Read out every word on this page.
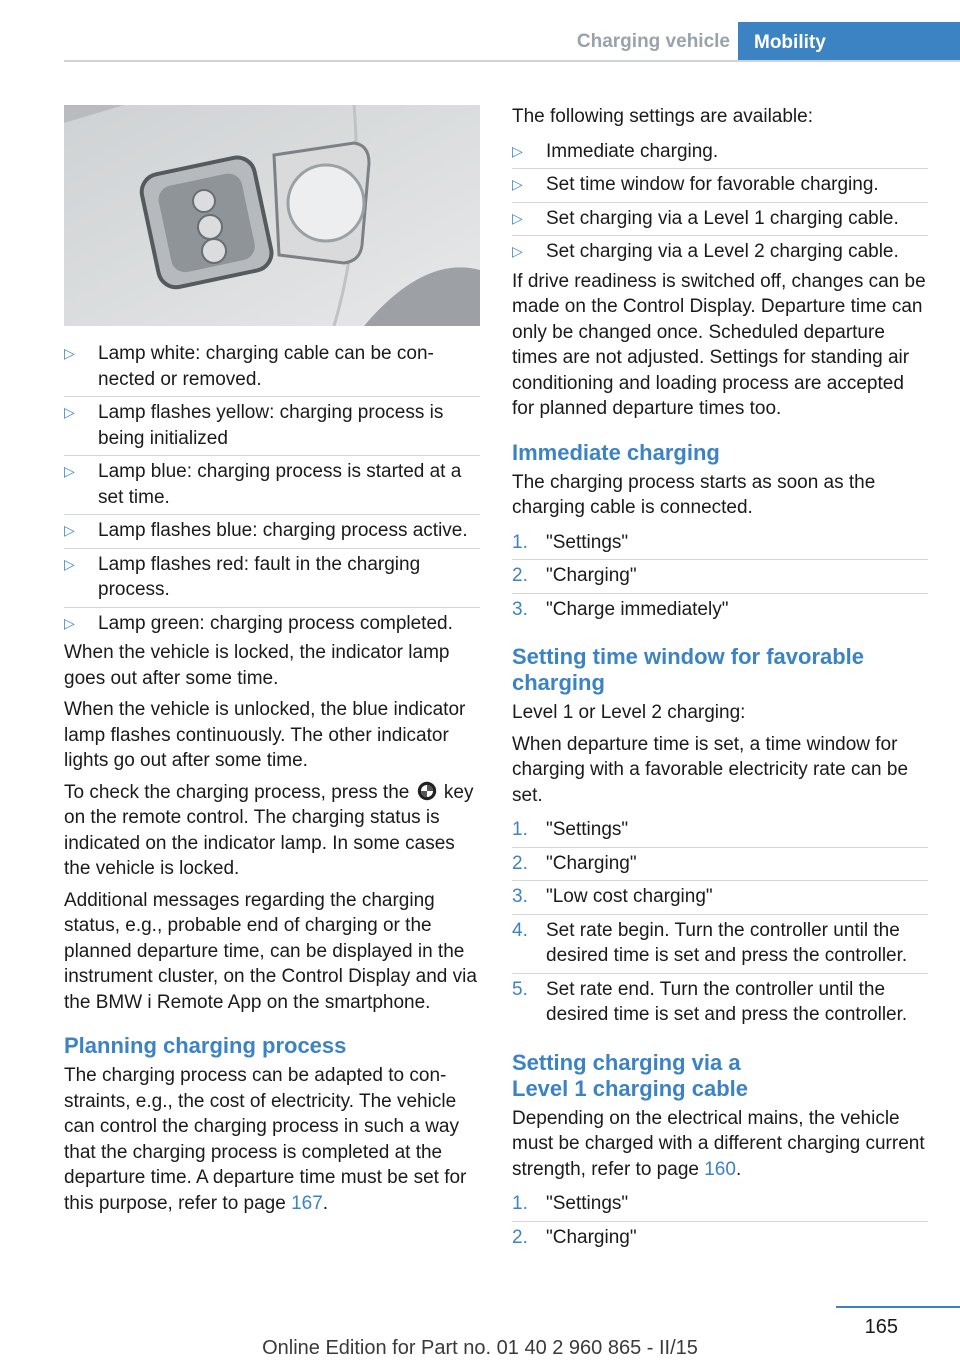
Charging vehicle	Mobility
▷ Lamp white: charging cable can be connected or removed.
▷ Lamp flashes yellow: charging process is being initialized
▷ Lamp blue: charging process is started at a set time.
▷ Lamp flashes blue: charging process active.
▷ Lamp flashes red: fault in the charging process.
▷ Lamp green: charging process completed.

When the vehicle is locked, the indicator lamp goes out after some time.

When the vehicle is unlocked, the blue indicator lamp flashes continuously. The other indicator lights go out after some time.

To check the charging process, press the key on the remote control. The charging status is indicated on the indicator lamp. In some cases the vehicle is locked.

Additional messages regarding the charging status, e.g., probable end of charging or the planned departure time, can be displayed in the instrument cluster, on the Control Display and via the BMW i Remote App on the smartphone.

Planning charging process

The charging process can be adapted to constraints, e.g., the cost of electricity. The vehicle can control the charging process in such a way that the charging process is completed at the departure time. A departure time must be set for this purpose, refer to page 167.

The following settings are available:

▷ Immediate charging.
▷ Set time window for favorable charging.
▷ Set charging via a Level 1 charging cable.
▷ Set charging via a Level 2 charging cable.

If drive readiness is switched off, changes can be made on the Control Display. Departure time can only be changed once. Scheduled departure times are not adjusted. Settings for standing air conditioning and loading process are accepted for planned departure times too.

Immediate charging

The charging process starts as soon as the charging cable is connected.

1. "Settings"
2. "Charging"
3. "Charge immediately"
Setting time window for favorable charging

Level 1 or Level 2 charging:

When departure time is set, a time window for charging with a favorable electricity rate can be set.

1. "Settings"
2. "Charging"
3. "Low cost charging"
4. Set rate begin. Turn the controller until the desired time is set and press the controller.
5. Set rate end. Turn the controller until the desired time is set and press the controller.
Setting charging via a
Level 1 charging cable

Depending on the electrical mains, the vehicle must be charged with a different charging current strength, refer to page 160.

1. "Settings"
2. "Charging"
165
Online Edition for Part no. 01 40 2 960 865 - II/15
